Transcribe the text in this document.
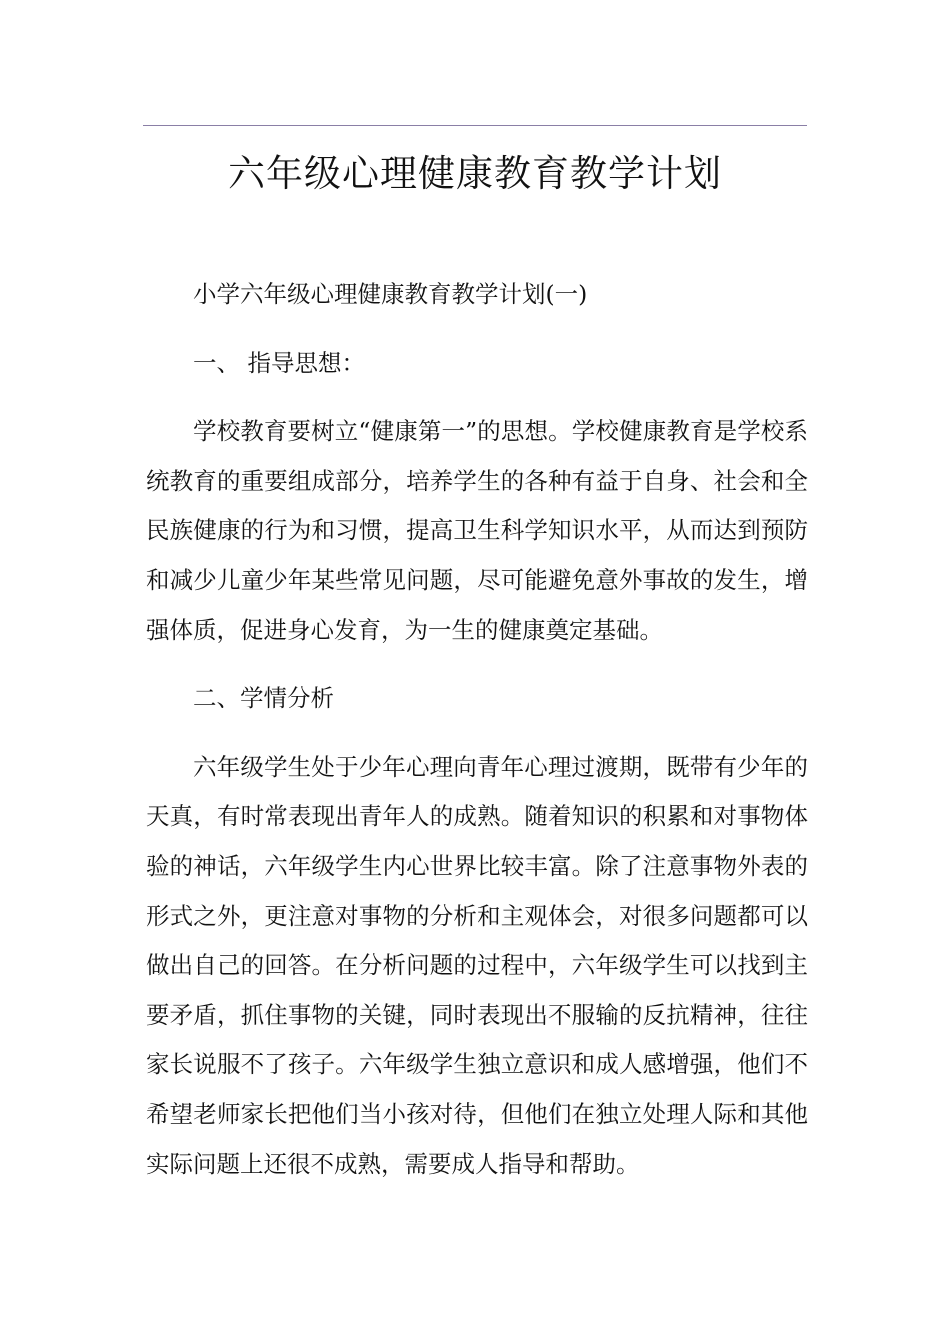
六年级心理健康教育教学计划

小学六年级心理健康教育教学计划(一)

一、 指导思想：

学校教育要树立“健康第一”的思想。学校健康教育是学校系统教育的重要组成部分，培养学生的各种有益于自身、社会和全民族健康的行为和习惯，提高卫生科学知识水平，从而达到预防和减少儿童少年某些常见问题，尽可能避免意外事故的发生，增强体质，促进身心发育，为一生的健康奠定基础。

二、学情分析

六年级学生处于少年心理向青年心理过渡期，既带有少年的天真，有时常表现出青年人的成熟。随着知识的积累和对事物体验的神话，六年级学生内心世界比较丰富。除了注意事物外表的形式之外，更注意对事物的分析和主观体会，对很多问题都可以做出自己的回答。在分析问题的过程中，六年级学生可以找到主要矛盾，抓住事物的关键，同时表现出不服输的反抗精神，往往家长说服不了孩子。六年级学生独立意识和成人感增强，他们不希望老师家长把他们当小孩对待，但他们在独立处理人际和其他实际问题上还很不成熟，需要成人指导和帮助。
